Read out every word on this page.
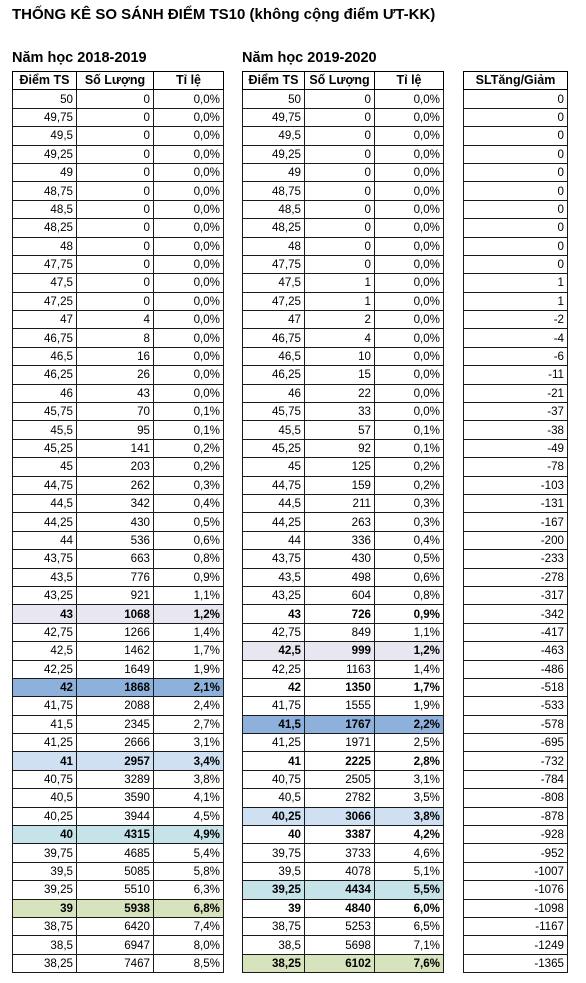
THỐNG KÊ SO SÁNH ĐIỂM TS10 (không cộng điểm ƯT-KK)
Năm học 2018-2019	Năm học 2019-2020
Điểm TS	Số Lượng	Tỉ lệ
50	0	0,0%
49,75	0	0,0%
49,5	0	0,0%
49,25	0	0,0%
49	0	0,0%
48,75	0	0,0%
48,5	0	0,0%
48,25	0	0,0%
48	0	0,0%
47,75	0	0,0%
47,5	0	0,0%
47,25	0	0,0%
47	4	0,0%
46,75	8	0,0%
46,5	16	0,0%
46,25	26	0,0%
46	43	0,0%
45,75	70	0,1%
45,5	95	0,1%
45,25	141	0,2%
45	203	0,2%
44,75	262	0,3%
44,5	342	0,4%
44,25	430	0,5%
44	536	0,6%
43,75	663	0,8%
43,5	776	0,9%
43,25	921	1,1%
43	1068	1,2%
42,75	1266	1,4%
42,5	1462	1,7%
42,25	1649	1,9%
42	1868	2,1%
41,75	2088	2,4%
41,5	2345	2,7%
41,25	2666	3,1%
41	2957	3,4%
40,75	3289	3,8%
40,5	3590	4,1%
40,25	3944	4,5%
40	4315	4,9%
39,75	4685	5,4%
39,5	5085	5,8%
39,25	5510	6,3%
39	5938	6,8%
38,75	6420	7,4%
38,5	6947	8,0%
38,25	7467	8,5%
Điểm TS	Số Lượng	Tỉ lệ
50	0	0,0%
49,75	0	0,0%
49,5	0	0,0%
49,25	0	0,0%
49	0	0,0%
48,75	0	0,0%
48,5	0	0,0%
48,25	0	0,0%
48	0	0,0%
47,75	0	0,0%
47,5	1	0,0%
47,25	1	0,0%
47	2	0,0%
46,75	4	0,0%
46,5	10	0,0%
46,25	15	0,0%
46	22	0,0%
45,75	33	0,0%
45,5	57	0,1%
45,25	92	0,1%
45	125	0,2%
44,75	159	0,2%
44,5	211	0,3%
44,25	263	0,3%
44	336	0,4%
43,75	430	0,5%
43,5	498	0,6%
43,25	604	0,8%
43	726	0,9%
42,75	849	1,1%
42,5	999	1,2%
42,25	1163	1,4%
42	1350	1,7%
41,75	1555	1,9%
41,5	1767	2,2%
41,25	1971	2,5%
41	2225	2,8%
40,75	2505	3,1%
40,5	2782	3,5%
40,25	3066	3,8%
40	3387	4,2%
39,75	3733	4,6%
39,5	4078	5,1%
39,25	4434	5,5%
39	4840	6,0%
38,75	5253	6,5%
38,5	5698	7,1%
38,25	6102	7,6%
SLTăng/Giảm
0
0
0
0
0
0
0
0
0
0
1
1
-2
-4
-6
-11
-21
-37
-38
-49
-78
-103
-131
-167
-200
-233
-278
-317
-342
-417
-463
-486
-518
-533
-578
-695
-732
-784
-808
-878
-928
-952
-1007
-1076
-1098
-1167
-1249
-1365
